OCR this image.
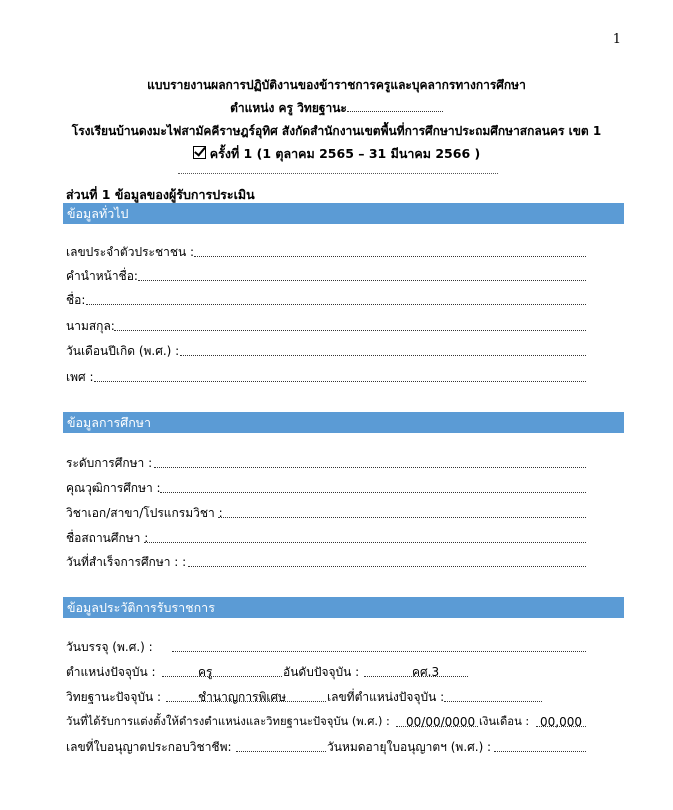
1
แบบรายงานผลการปฏิบัติงานของข้าราชการครูและบุคลากรทางการศึกษา
ตำแหน่ง ครู วิทยฐานะ
โรงเรียนบ้านดงมะไฟสามัคคีราษฎร์อุทิศ สังกัดสำนักงานเขตพื้นที่การศึกษาประถมศึกษาสกลนคร เขต 1
ครั้งที่ 1 (1 ตุลาคม 2565 – 31 มีนาคม 2566 )
ส่วนที่ 1 ข้อมูลของผู้รับการประเมิน
ข้อมูลทั่วไป
เลขประจำตัวประชาชน :
คำนำหน้าชื่อ:
ชื่อ:
นามสกุล:
วันเดือนปีเกิด (พ.ศ.) :
เพศ :
ข้อมูลการศึกษา
ระดับการศึกษา :
คุณวุฒิการศึกษา :
วิชาเอก/สาขา/โปรแกรมวิชา :
ชื่อสถานศึกษา :
วันที่สำเร็จการศึกษา : :
ข้อมูลประวัติการรับราชการ
วันบรรจุ (พ.ศ.) :
ตำแหน่งปัจจุบัน :	ครู	อันดับปัจจุบัน :	คศ.3
วิทยฐานะปัจจุบัน :	ชำนาญการพิเศษ	เลขที่ตำแหน่งปัจจุบัน :
วันที่ได้รับการแต่งตั้งให้ดำรงตำแหน่งและวิทยฐานะปัจจุบัน (พ.ศ.) : 00/00/0000 เงินเดือน : 00,000
เลขที่ใบอนุญาตประกอบวิชาชีพ:	วันหมดอายุใบอนุญาตฯ (พ.ศ.) :
